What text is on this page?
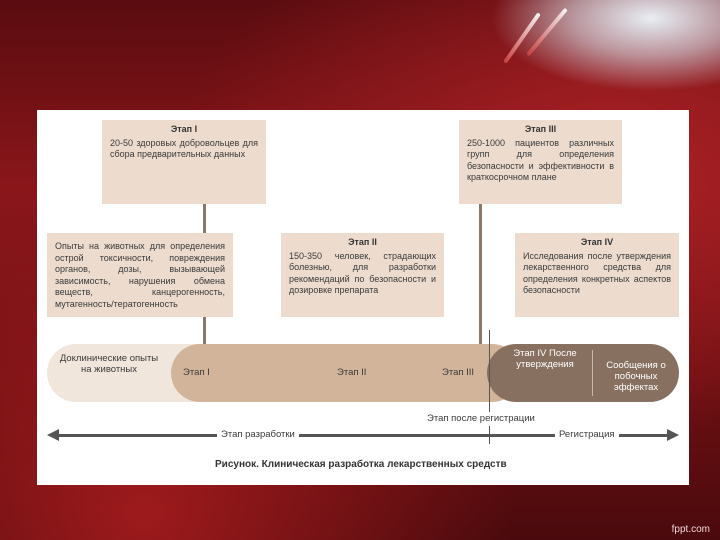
Этап I
20-50 здоровых добровольцев для сбора предварительных данных
Этап III
250-1000 пациентов различных групп для определения безопасности и эффективности в краткосрочном плане
Опыты на животных для определения острой токсичности, повреждения органов, дозы, вызывающей зависимость, нарушения обмена веществ, канцерогенность, мутагенность/тератогенность
Этап II
150-350 человек, страдающих болезнью, для разработки рекомендаций по безопасности и дозировке препарата
Этап IV
Исследования после утверждения лекарственного средства для определения конкретных аспектов безопасности
Доклинические опыты на животных	Этап I	Этап II	Этап III
Этап IV После утверждения	Сообщения о побочных эффектах
Этап после регистрации
Этап разработки	Регистрация
Рисунок. Клиническая разработка лекарственных средств
fppt.com
